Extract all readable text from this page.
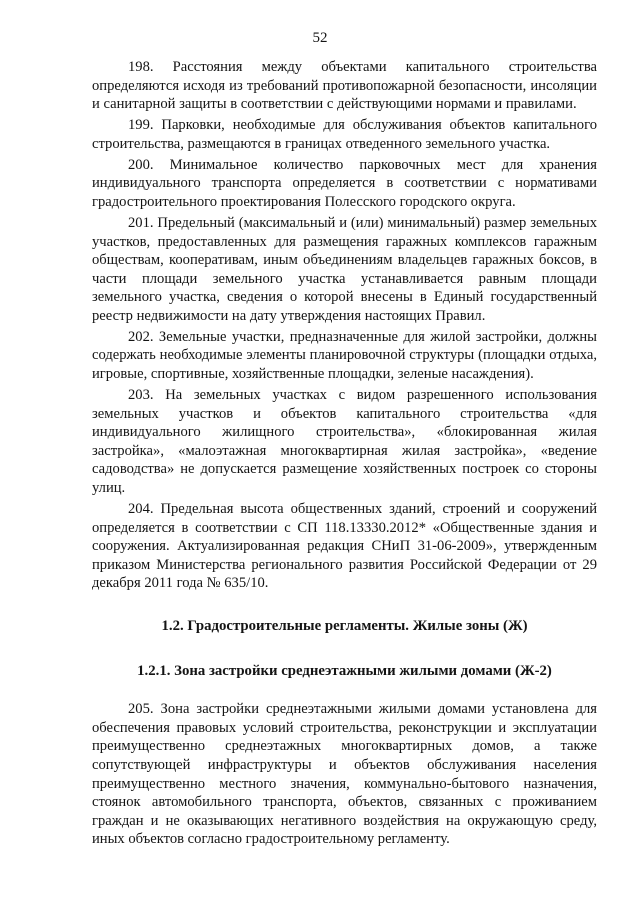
52

198. Расстояния между объектами капитального строительства определяются исходя из требований противопожарной безопасности, инсоляции и санитарной защиты в соответствии с действующими нормами и правилами.

199. Парковки, необходимые для обслуживания объектов капитального строительства, размещаются в границах отведенного земельного участка.

200. Минимальное количество парковочных мест для хранения индивидуального транспорта определяется в соответствии с нормативами градостроительного проектирования Полесского городского округа.

201. Предельный (максимальный и (или) минимальный) размер земельных участков, предоставленных для размещения гаражных комплексов гаражным обществам, кооперативам, иным объединениям владельцев гаражных боксов, в части площади земельного участка устанавливается равным площади земельного участка, сведения о которой внесены в Единый государственный реестр недвижимости на дату утверждения настоящих Правил.

202. Земельные участки, предназначенные для жилой застройки, должны содержать необходимые элементы планировочной структуры (площадки отдыха, игровые, спортивные, хозяйственные площадки, зеленые насаждения).

203. На земельных участках с видом разрешенного использования земельных участков и объектов капитального строительства «для индивидуального жилищного строительства», «блокированная жилая застройка», «малоэтажная многоквартирная жилая застройка», «ведение садоводства» не допускается размещение хозяйственных построек со стороны улиц.

204. Предельная высота общественных зданий, строений и сооружений определяется в соответствии с СП 118.13330.2012* «Общественные здания и сооружения. Актуализированная редакция СНиП 31-06-2009», утвержденным приказом Министерства регионального развития Российской Федерации от 29 декабря 2011 года № 635/10.

1.2. Градостроительные регламенты. Жилые зоны (Ж)

1.2.1. Зона застройки среднеэтажными жилыми домами (Ж-2)

205. Зона застройки среднеэтажными жилыми домами установлена для обеспечения правовых условий строительства, реконструкции и эксплуатации преимущественно среднеэтажных многоквартирных домов, а также сопутствующей инфраструктуры и объектов обслуживания населения преимущественно местного значения, коммунально-бытового назначения, стоянок автомобильного транспорта, объектов, связанных с проживанием граждан и не оказывающих негативного воздействия на окружающую среду, иных объектов согласно градостроительному регламенту.
